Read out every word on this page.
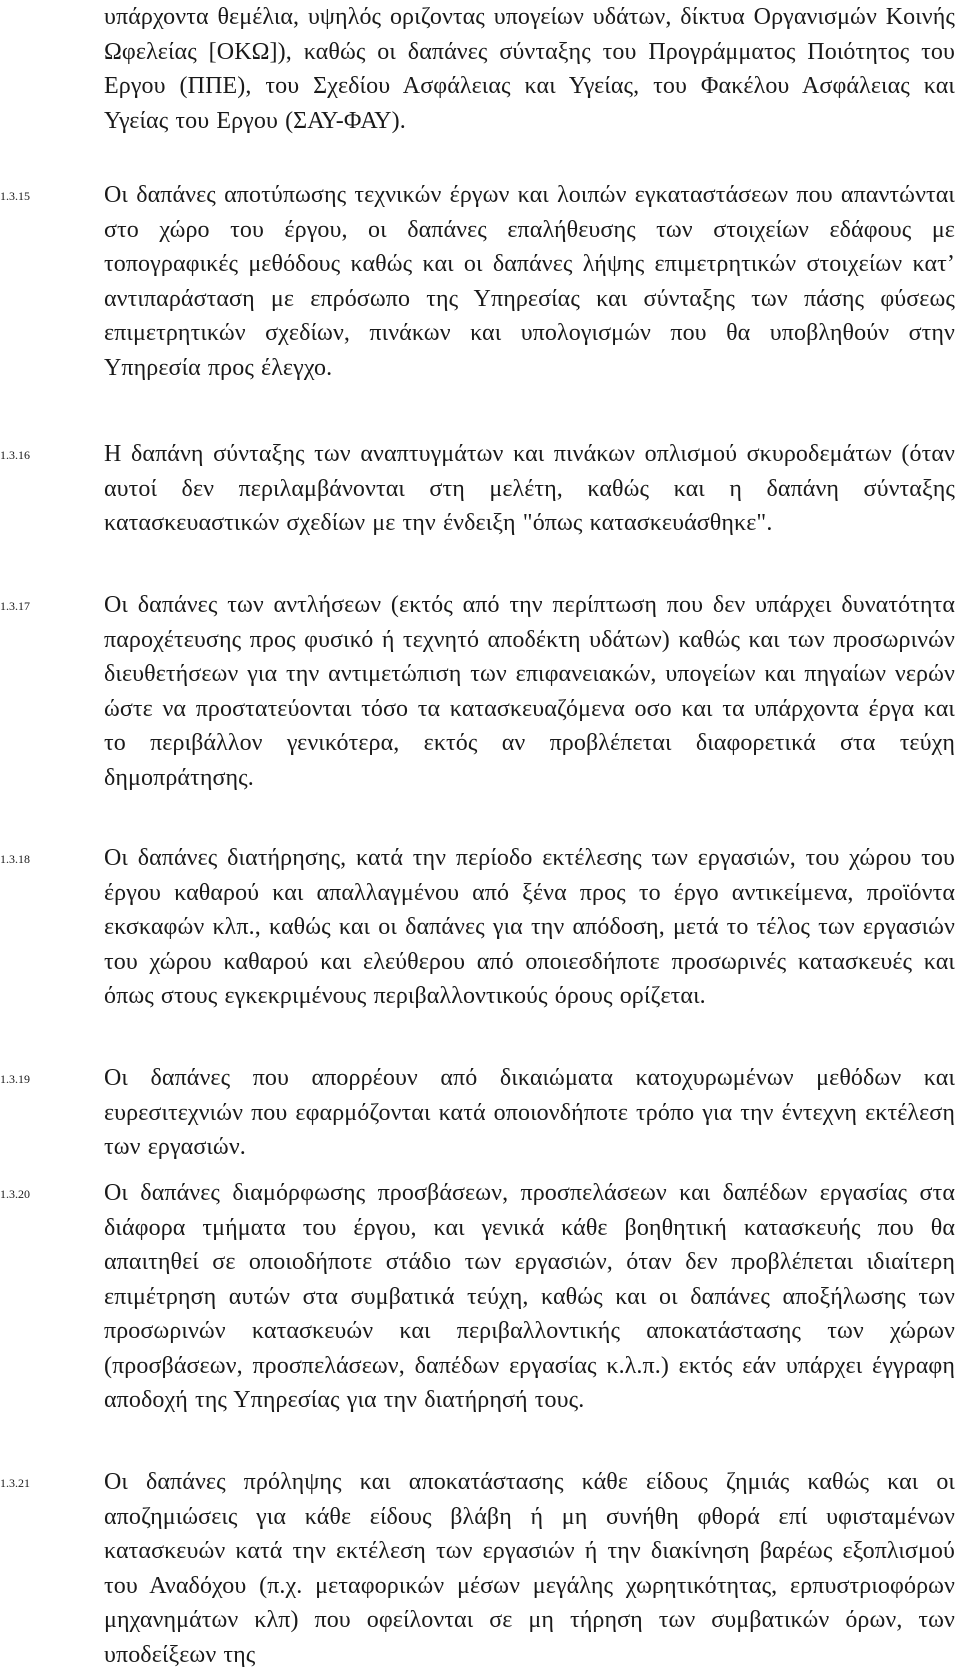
υπάρχοντα θεμέλια, υψηλός οριζοντας υπογείων υδάτων, δίκτυα Οργανισμών Κοινής Ωφελείας [ΟΚΩ]), καθώς οι δαπάνες σύνταξης του Προγράμματος Ποιότητος του Εργου (ΠΠΕ), του Σχεδίου Ασφάλειας και Υγείας, του Φακέλου Ασφάλειας και Υγείας του Εργου (ΣΑΥ-ΦΑΥ).
1.3.15	Οι δαπάνες αποτύπωσης τεχνικών έργων και λοιπών εγκαταστάσεων που απαντώνται στο χώρο του έργου, οι δαπάνες επαλήθευσης των στοιχείων εδάφους με τοπογραφικές μεθόδους καθώς και οι δαπάνες λήψης επιμετρητικών στοιχείων κατ’ αντιπαράσταση με επρόσωπο της Υπηρεσίας και σύνταξης των πάσης φύσεως επιμετρητικών σχεδίων, πινάκων και υπολογισμών που θα υποβληθούν στην Υπηρεσία προς έλεγχο.
1.3.16	Η δαπάνη σύνταξης των αναπτυγμάτων και πινάκων οπλισμού σκυροδεμάτων (όταν αυτοί δεν περιλαμβάνονται στη μελέτη, καθώς και η δαπάνη σύνταξης κατασκευαστικών σχεδίων με την ένδειξη "όπως κατασκευάσθηκε".
1.3.17	Οι δαπάνες των αντλήσεων (εκτός από την περίπτωση που δεν υπάρχει δυνατότητα παροχέτευσης προς φυσικό ή τεχνητό αποδέκτη υδάτων) καθώς και των προσωρινών διευθετήσεων για την αντιμετώπιση των επιφανειακών, υπογείων και πηγαίων νερών ώστε να προστατεύονται τόσο τα κατασκευαζόμενα οσο και τα υπάρχοντα έργα και το περιβάλλον γενικότερα, εκτός αν προβλέπεται διαφορετικά στα τεύχη δημοπράτησης.
1.3.18	Οι δαπάνες διατήρησης, κατά την περίοδο εκτέλεσης των εργασιών, του χώρου του έργου καθαρού και απαλλαγμένου από ξένα προς το έργο αντικείμενα, προϊόντα εκσκαφών κλπ., καθώς και οι δαπάνες για την απόδοση, μετά το τέλος των εργασιών του χώρου καθαρού και ελεύθερου από οποιεσδήποτε προσωρινές κατασκευές και όπως στους εγκεκριμένους περιβαλλοντικούς όρους ορίζεται.
1.3.19	Οι δαπάνες που απορρέουν από δικαιώματα κατοχυρωμένων μεθόδων και ευρεσιτεχνιών που εφαρμόζονται κατά οποιονδήποτε τρόπο για την έντεχνη εκτέλεση των εργασιών.
1.3.20	Οι δαπάνες διαμόρφωσης προσβάσεων, προσπελάσεων και δαπέδων εργασίας στα διάφορα τμήματα του έργου, και γενικά κάθε βοηθητική κατασκευής που θα απαιτηθεί σε οποιοδήποτε στάδιο των εργασιών, όταν δεν προβλέπεται ιδιαίτερη επιμέτρηση αυτών στα συμβατικά τεύχη, καθώς και οι δαπάνες αποξήλωσης των προσωρινών κατασκευών και περιβαλλοντικής αποκατάστασης των χώρων (προσβάσεων, προσπελάσεων, δαπέδων εργασίας κ.λ.π.) εκτός εάν υπάρχει έγγραφη αποδοχή της Υπηρεσίας για την διατήρησή τους.
1.3.21	Οι δαπάνες πρόληψης και αποκατάστασης κάθε είδους ζημιάς καθώς και οι αποζημιώσεις για κάθε είδους βλάβη ή μη συνήθη φθορά επί υφισταμένων κατασκευών κατά την εκτέλεση των εργασιών ή την διακίνηση βαρέως εξοπλισμού του Αναδόχου (π.χ. μεταφορικών μέσων μεγάλης χωρητικότητας, ερπυστριοφόρων μηχανημάτων κλπ) που οφείλονται σε μη τήρηση των συμβατικών όρων, των υποδείξεων της
